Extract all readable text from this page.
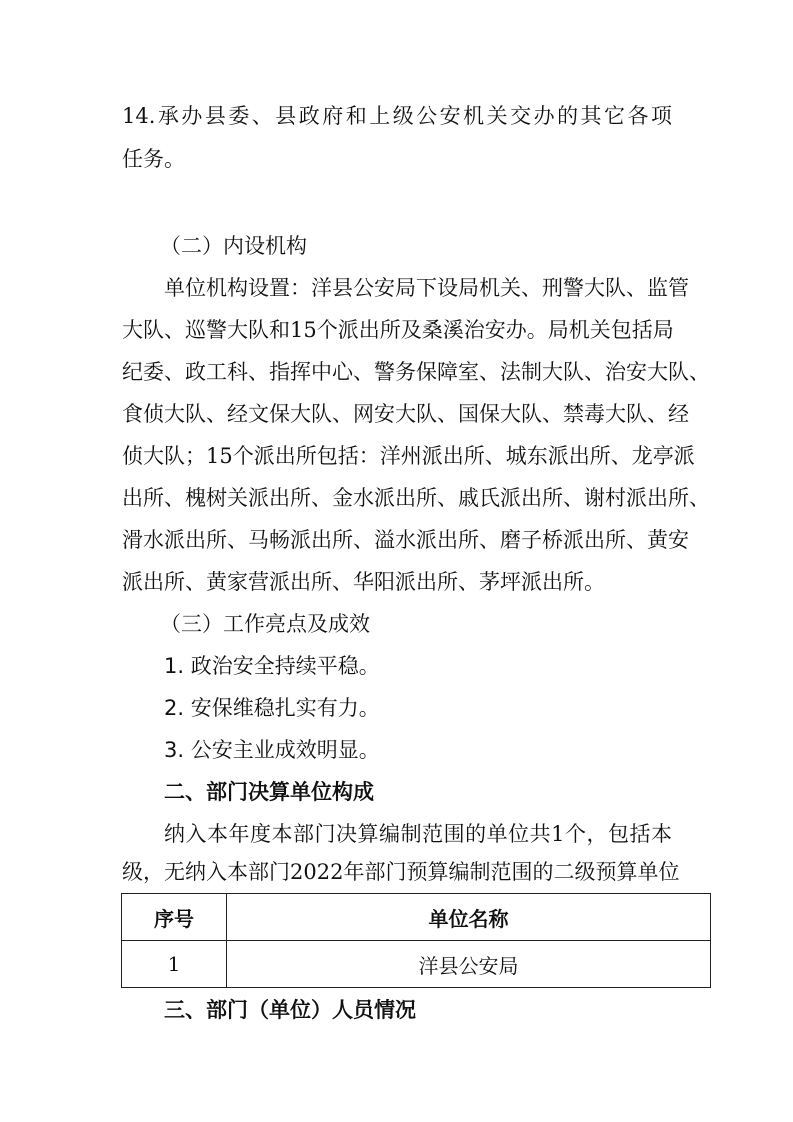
14.承办县委、县政府和上级公安机关交办的其它各项
任务。
（二）内设机构
单位机构设置：洋县公安局下设局机关、刑警大队、监管
大队、巡警大队和15个派出所及桑溪治安办。局机关包括局
纪委、政工科、指挥中心、警务保障室、法制大队、治安大队、
食侦大队、经文保大队、网安大队、国保大队、禁毒大队、经
侦大队；15个派出所包括：洋州派出所、城东派出所、龙亭派
出所、槐树关派出所、金水派出所、戚氏派出所、谢村派出所、
滑水派出所、马畅派出所、溢水派出所、磨子桥派出所、黄安
派出所、黄家营派出所、华阳派出所、茅坪派出所。
（三）工作亮点及成效
1. 政治安全持续平稳。
2. 安保维稳扎实有力。
3. 公安主业成效明显。
二、部门决算单位构成
纳入本年度本部门决算编制范围的单位共1个，包括本
级，无纳入本部门2022年部门预算编制范围的二级预算单位
序号	单位名称
1	洋县公安局
三、部门（单位）人员情况
